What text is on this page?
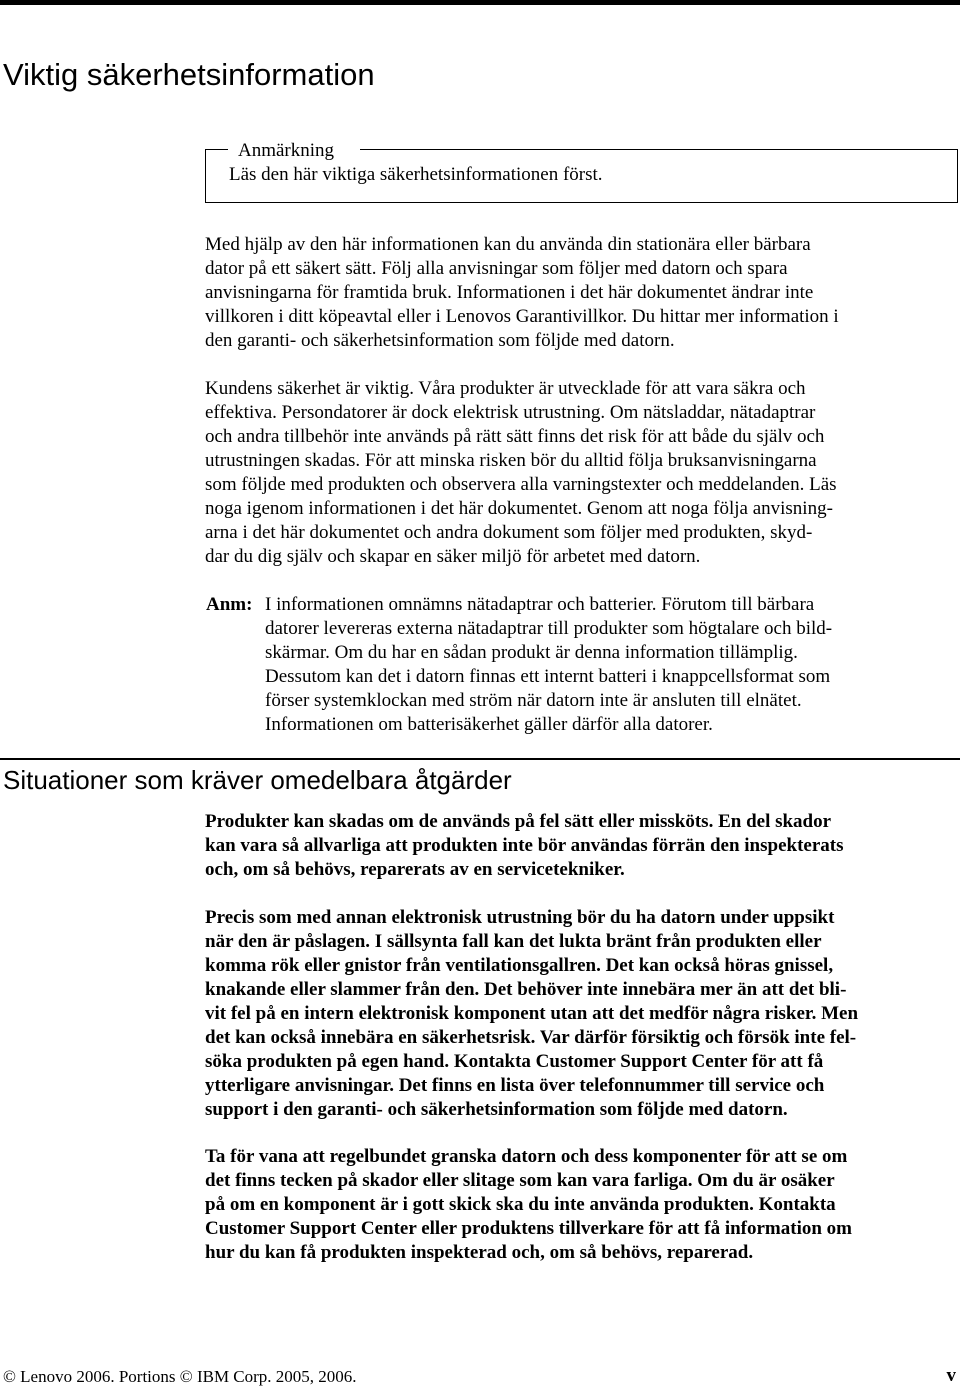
Viktig säkerhetsinformation
Anmärkning
Läs den här viktiga säkerhetsinformationen först.

Med hjälp av den här informationen kan du använda din stationära eller bärbara
dator på ett säkert sätt. Följ alla anvisningar som följer med datorn och spara
anvisningarna för framtida bruk. Informationen i det här dokumentet ändrar inte
villkoren i ditt köpeavtal eller i Lenovos Garantivillkor. Du hittar mer information i
den garanti- och säkerhetsinformation som följde med datorn.

Kundens säkerhet är viktig. Våra produkter är utvecklade för att vara säkra och
effektiva. Persondatorer är dock elektrisk utrustning. Om nätsladdar, nätadaptrar
och andra tillbehör inte används på rätt sätt finns det risk för att både du själv och
utrustningen skadas. För att minska risken bör du alltid följa bruksanvisningarna
som följde med produkten och observera alla varningstexter och meddelanden. Läs
noga igenom informationen i det här dokumentet. Genom att noga följa anvisning-
arna i det här dokumentet och andra dokument som följer med produkten, skyd-
dar du dig själv och skapar en säker miljö för arbetet med datorn.

Anm: I informationen omnämns nätadaptrar och batterier. Förutom till bärbara
datorer levereras externa nätadaptrar till produkter som högtalare och bild-
skärmar. Om du har en sådan produkt är denna information tillämplig.
Dessutom kan det i datorn finnas ett internt batteri i knappcellsformat som
förser systemklockan med ström när datorn inte är ansluten till elnätet.
Informationen om batterisäkerhet gäller därför alla datorer.

Situationer som kräver omedelbara åtgärder

Produkter kan skadas om de används på fel sätt eller missköts. En del skador
kan vara så allvarliga att produkten inte bör användas förrän den inspekterats
och, om så behövs, reparerats av en servicetekniker.

Precis som med annan elektronisk utrustning bör du ha datorn under uppsikt
när den är påslagen. I sällsynta fall kan det lukta bränt från produkten eller
komma rök eller gnistor från ventilationsgallren. Det kan också höras gnissel,
knakande eller slammer från den. Det behöver inte innebära mer än att det bli-
vit fel på en intern elektronisk komponent utan att det medför några risker. Men
det kan också innebära en säkerhetsrisk. Var därför försiktig och försök inte fel-
söka produkten på egen hand. Kontakta Customer Support Center för att få
ytterligare anvisningar. Det finns en lista över telefonnummer till service och
support i den garanti- och säkerhetsinformation som följde med datorn.

Ta för vana att regelbundet granska datorn och dess komponenter för att se om
det finns tecken på skador eller slitage som kan vara farliga. Om du är osäker
på om en komponent är i gott skick ska du inte använda produkten. Kontakta
Customer Support Center eller produktens tillverkare för att få information om
hur du kan få produkten inspekterad och, om så behövs, reparerad.

© Lenovo 2006. Portions © IBM Corp. 2005, 2006.	v
